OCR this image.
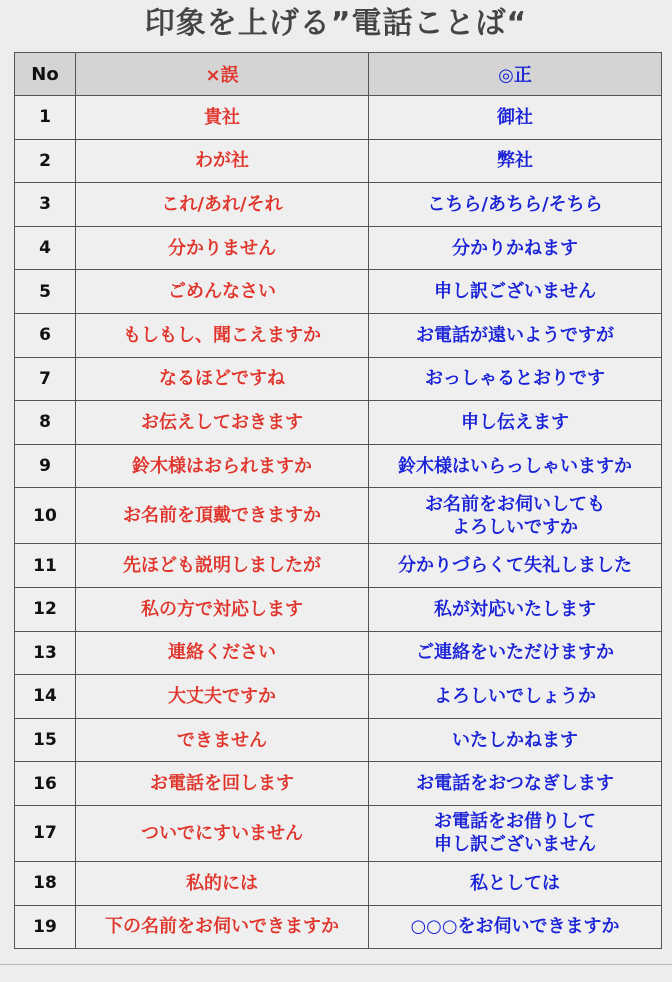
印象を上げる”電話ことば“
No	×誤	◎正
1	貴社	御社
2	わが社	弊社
3	これ/あれ/それ	こちら/あちら/そちら
4	分かりません	分かりかねます
5	ごめんなさい	申し訳ございません
6	もしもし、聞こえますか	お電話が遠いようですが
7	なるほどですね	おっしゃるとおりです
8	お伝えしておきます	申し伝えます
9	鈴木様はおられますか	鈴木様はいらっしゃいますか
10	お名前を頂戴できますか	お名前をお伺いしても
よろしいですか
11	先ほども説明しましたが	分かりづらくて失礼しました
12	私の方で対応します	私が対応いたします
13	連絡ください	ご連絡をいただけますか
14	大丈夫ですか	よろしいでしょうか
15	できません	いたしかねます
16	お電話を回します	お電話をおつなぎします
17	ついでにすいません	お電話をお借りして
申し訳ございません
18	私的には	私としては
19	下の名前をお伺いできますか	○○○をお伺いできますか
